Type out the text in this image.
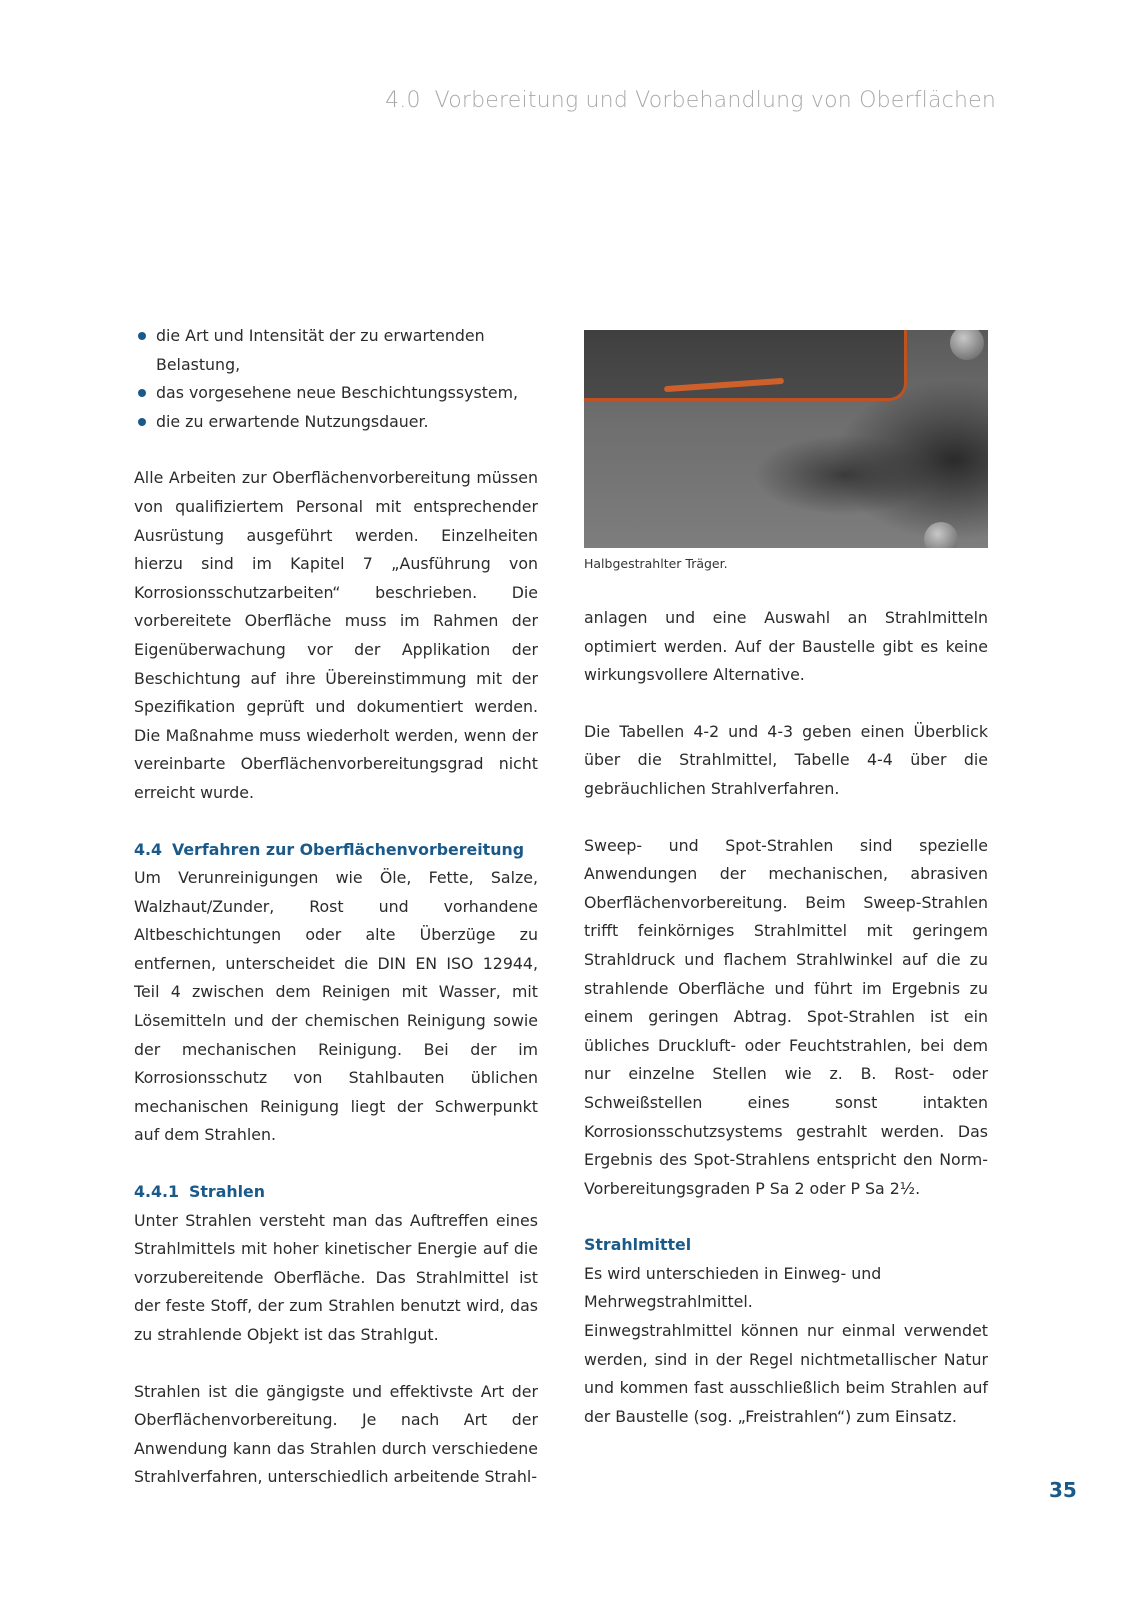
4.0 Vorbereitung und Vorbehandlung von Oberflächen
die Art und Intensität der zu erwartenden Belastung,
das vorgesehene neue Beschichtungssystem,
die zu erwartende Nutzungsdauer.

Alle Arbeiten zur Oberflächenvorbereitung müssen von qualifiziertem Personal mit entsprechender Ausrüstung ausgeführt werden. Einzelheiten hierzu sind im Kapitel 7 „Ausführung von Korrosionsschutzarbeiten“ beschrieben. Die vorbereitete Oberfläche muss im Rahmen der Eigenüberwachung vor der Applikation der Beschichtung auf ihre Übereinstimmung mit der Spezifikation geprüft und dokumentiert werden. Die Maßnahme muss wiederholt werden, wenn der vereinbarte Oberflächenvorbereitungsgrad nicht erreicht wurde.

4.4 Verfahren zur Oberflächenvorbereitung

Um Verunreinigungen wie Öle, Fette, Salze, Walzhaut/Zunder, Rost und vorhandene Altbeschichtungen oder alte Überzüge zu entfernen, unterscheidet die DIN EN ISO 12944, Teil 4 zwischen dem Reinigen mit Wasser, mit Lösemitteln und der chemischen Reinigung sowie der mechanischen Reinigung. Bei der im Korrosionsschutz von Stahlbauten üblichen mechanischen Reinigung liegt der Schwerpunkt auf dem Strahlen.

4.4.1 Strahlen

Unter Strahlen versteht man das Auftreffen eines Strahlmittels mit hoher kinetischer Energie auf die vorzubereitende Oberfläche. Das Strahlmittel ist der feste Stoff, der zum Strahlen benutzt wird, das zu strahlende Objekt ist das Strahlgut.

Strahlen ist die gängigste und effektivste Art der Oberflächenvorbereitung. Je nach Art der Anwendung kann das Strahlen durch verschiedene Strahlverfahren, unterschiedlich arbeitende Strahl-

Halbgestrahlter Träger.

anlagen und eine Auswahl an Strahlmitteln optimiert werden. Auf der Baustelle gibt es keine wirkungsvollere Alternative.

Die Tabellen 4-2 und 4-3 geben einen Überblick über die Strahlmittel, Tabelle 4-4 über die gebräuchlichen Strahlverfahren.

Sweep- und Spot-Strahlen sind spezielle Anwendungen der mechanischen, abrasiven Oberflächenvorbereitung. Beim Sweep-Strahlen trifft feinkörniges Strahlmittel mit geringem Strahldruck und flachem Strahlwinkel auf die zu strahlende Oberfläche und führt im Ergebnis zu einem geringen Abtrag. Spot-Strahlen ist ein übliches Druckluft- oder Feuchtstrahlen, bei dem nur einzelne Stellen wie z. B. Rost- oder Schweißstellen eines sonst intakten Korrosionsschutzsystems gestrahlt werden. Das Ergebnis des Spot-Strahlens entspricht den Norm-Vorbereitungsgraden P Sa 2 oder P Sa 2½.

Strahlmittel

Es wird unterschieden in Einweg- und Mehrwegstrahlmittel.

Einwegstrahlmittel können nur einmal verwendet werden, sind in der Regel nichtmetallischer Natur und kommen fast ausschließlich beim Strahlen auf der Baustelle (sog. „Freistrahlen“) zum Einsatz.

35
